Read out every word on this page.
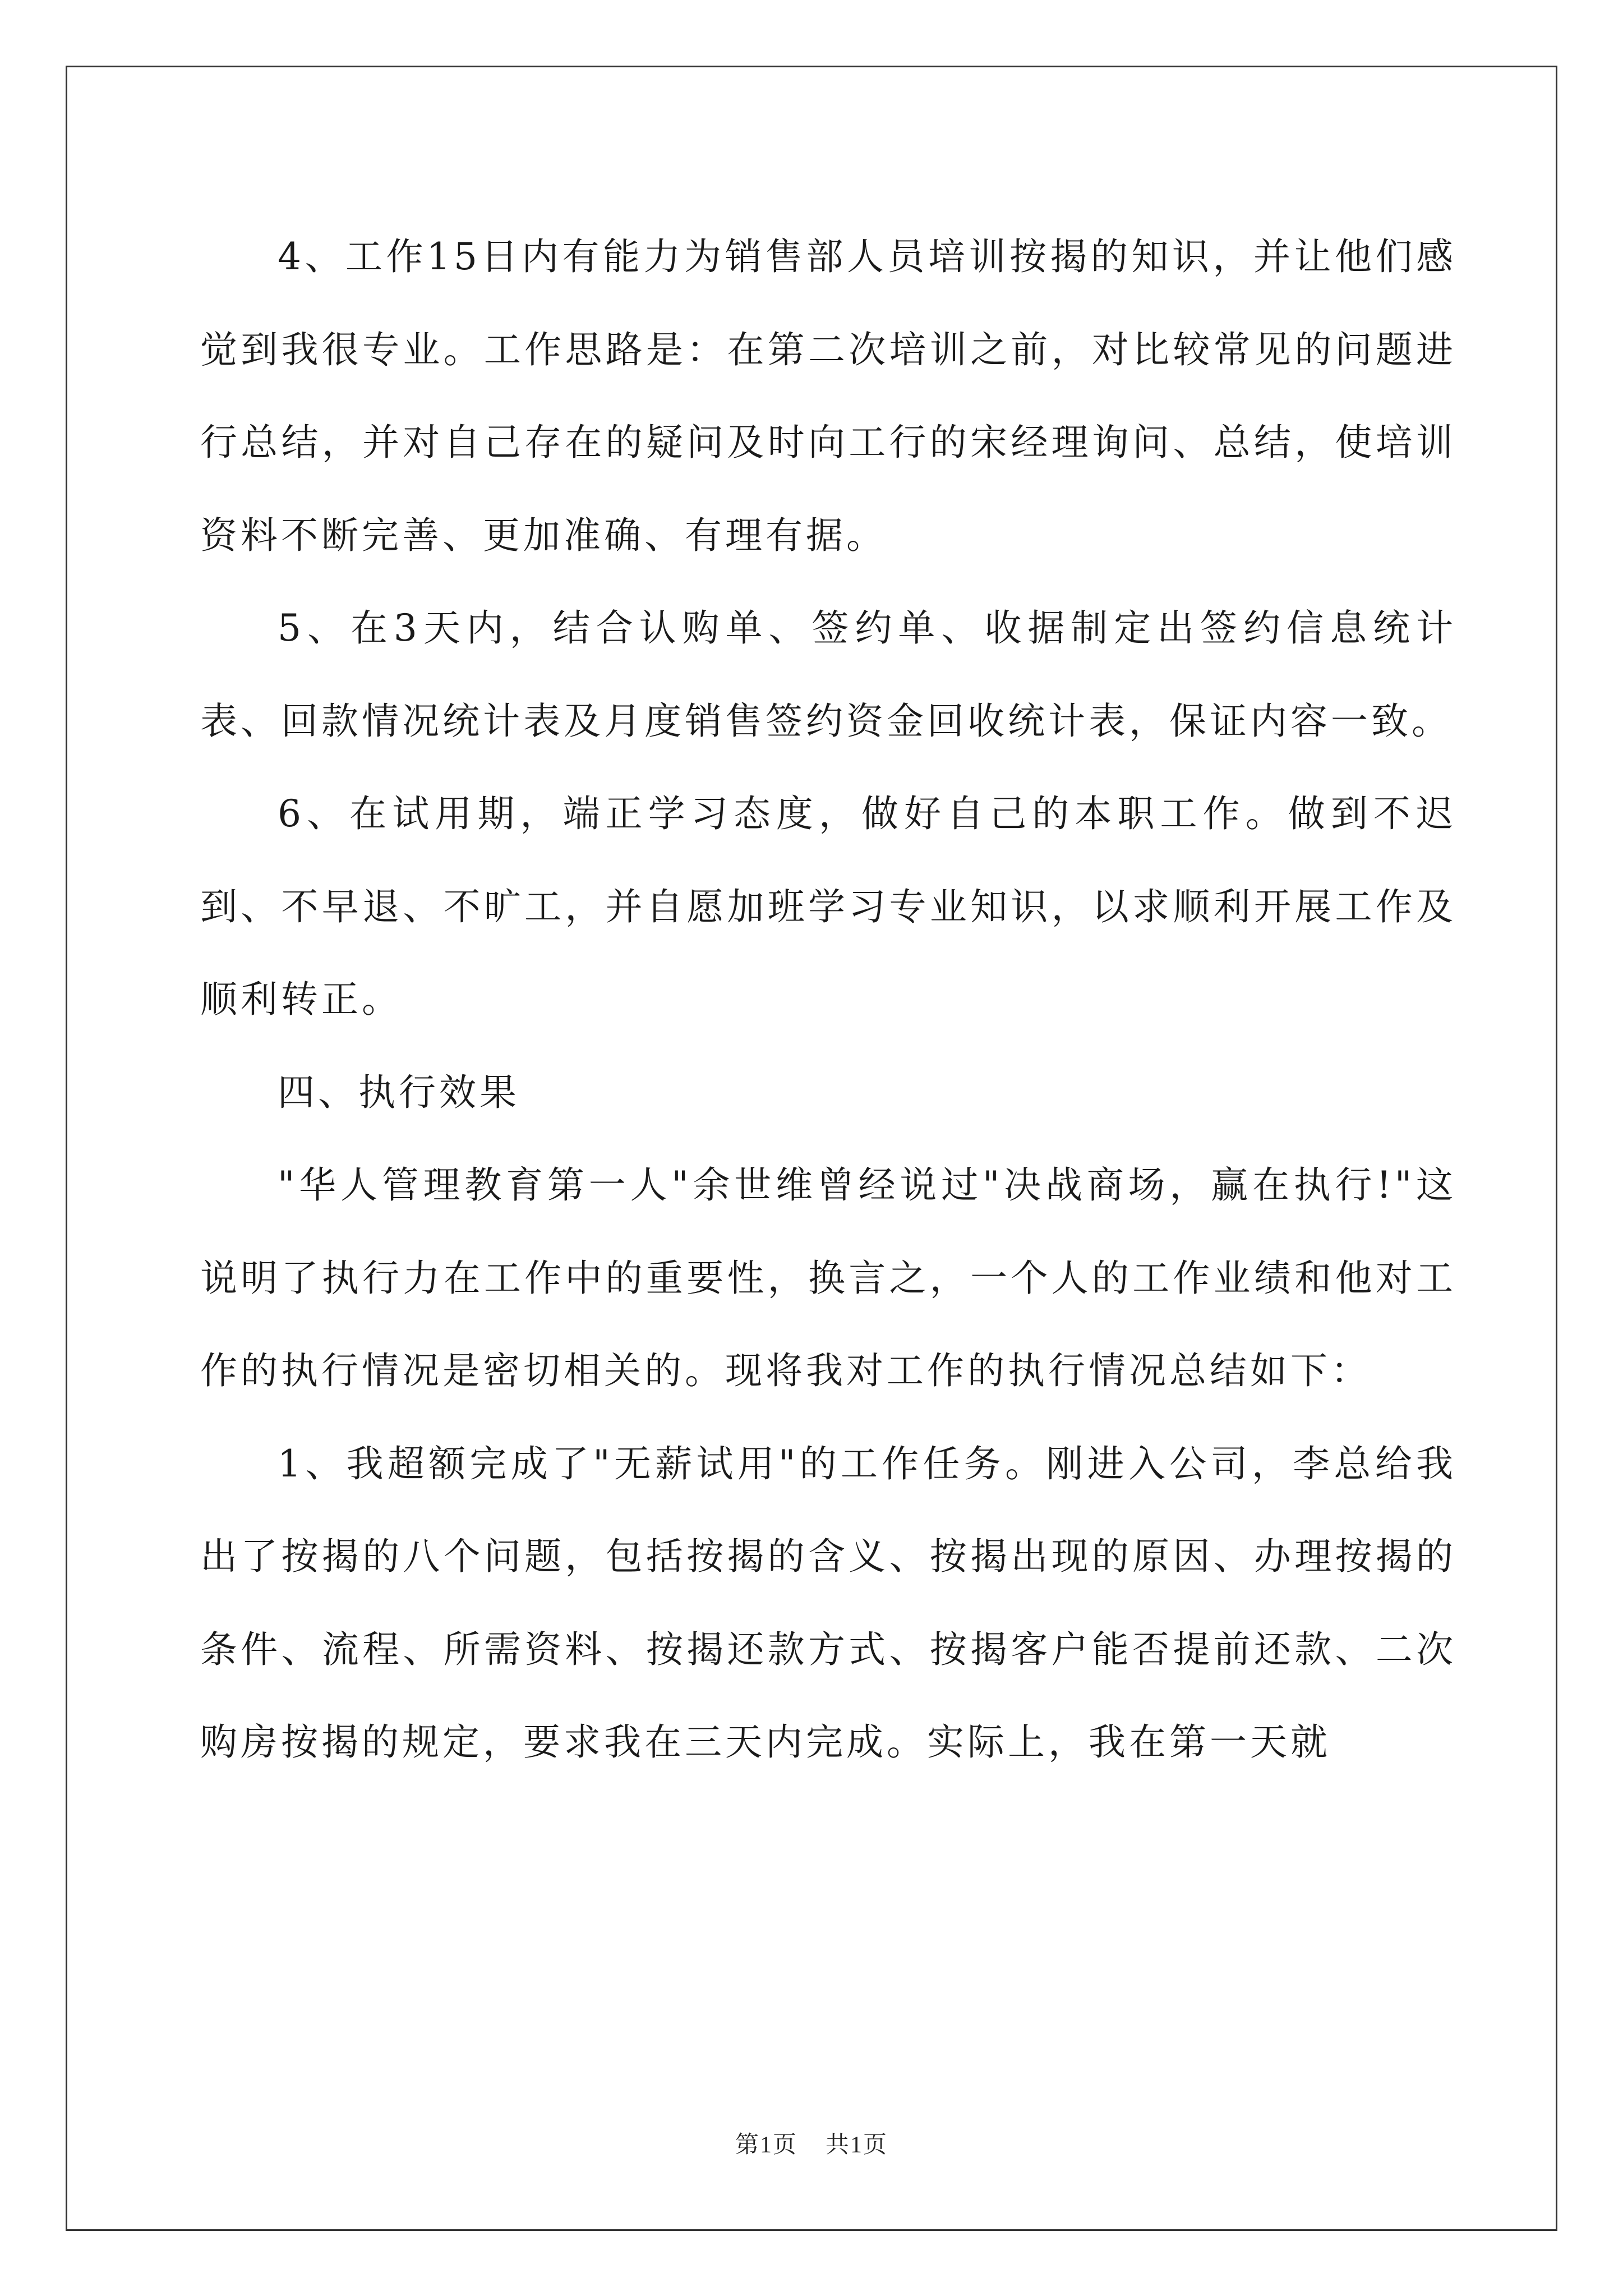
4、工作15日内有能力为销售部人员培训按揭的知识，并让他们感觉到我很专业。工作思路是：在第二次培训之前，对比较常见的问题进行总结，并对自己存在的疑问及时向工行的宋经理询问、总结，使培训资料不断完善、更加准确、有理有据。

5、在3天内，结合认购单、签约单、收据制定出签约信息统计表、回款情况统计表及月度销售签约资金回收统计表，保证内容一致。

6、在试用期，端正学习态度，做好自己的本职工作。做到不迟到、不早退、不旷工，并自愿加班学习专业知识，以求顺利开展工作及顺利转正。

四、执行效果

"华人管理教育第一人"余世维曾经说过"决战商场，赢在执行!"这说明了执行力在工作中的重要性，换言之，一个人的工作业绩和他对工作的执行情况是密切相关的。现将我对工作的执行情况总结如下：

1、我超额完成了"无薪试用"的工作任务。刚进入公司，李总给我出了按揭的八个问题，包括按揭的含义、按揭出现的原因、办理按揭的条件、流程、所需资料、按揭还款方式、按揭客户能否提前还款、二次购房按揭的规定，要求我在三天内完成。实际上，我在第一天就

第1页 共1页
